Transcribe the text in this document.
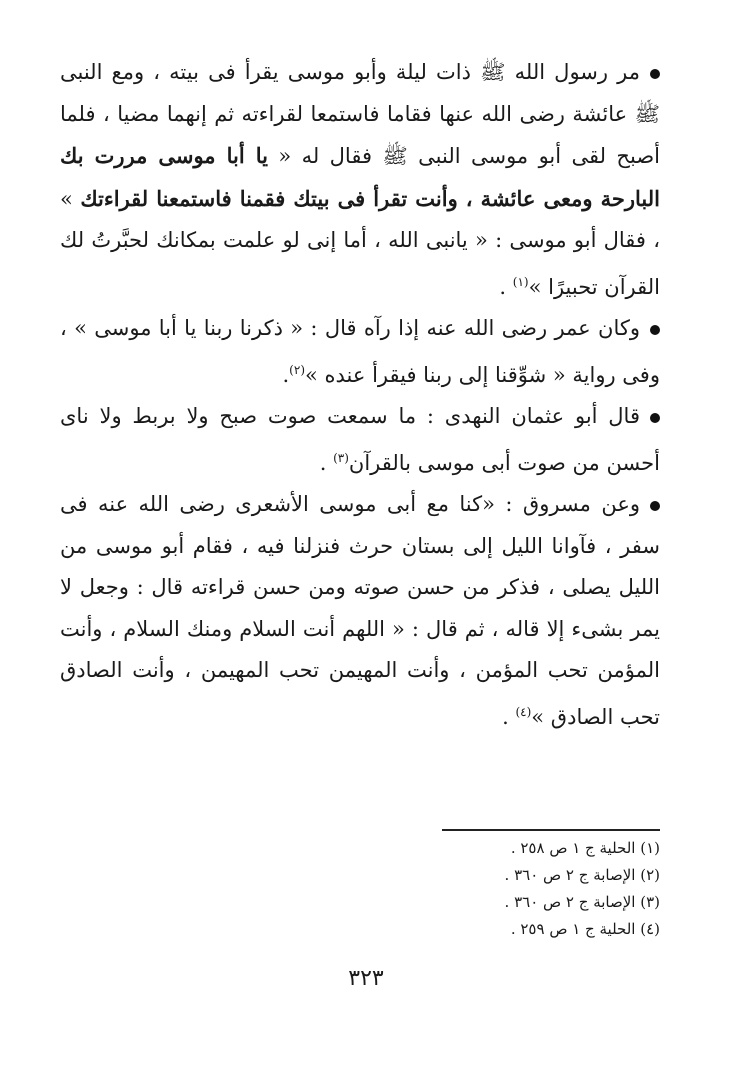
مر رسول الله ﷺ ذات ليلة وأبو موسى يقرأ فى بيته ، ومع النبى ﷺ عائشة رضى الله عنها فقاما فاستمعا لقراءته ثم إنهما مضيا ، فلما أصبح لقى أبو موسى النبى ﷺ فقال له « يا أبا موسى مررت بك البارحة ومعى عائشة ، وأنت تقرأ فى بيتك فقمنا فاستمعنا لقراءتك » ، فقال أبو موسى : « يانبى الله ، أما إنى لو علمت بمكانك لحبَّرتُ لك القرآن تحبيرًا »$^{(١)}$ .

وكان عمر رضى الله عنه إذا رآه قال : « ذكرنا ربنا يا أبا موسى » ، وفى رواية « شوِّقنا إلى ربنا فيقرأ عنده »$^{(٢)}$.

قال أبو عثمان النهدى : ما سمعت صوت صبح ولا بربط ولا ناى أحسن من صوت أبى موسى بالقرآن$^{(٣)}$ .

وعن مسروق : «كنا مع أبى موسى الأشعرى رضى الله عنه فى سفر ، فآوانا الليل إلى بستان حرث فنزلنا فيه ، فقام أبو موسى من الليل يصلى ، فذكر من حسن صوته ومن حسن قراءته قال : وجعل لا يمر بشىء إلا قاله ، ثم قال : « اللهم أنت السلام ومنك السلام ، وأنت المؤمن تحب المؤمن ، وأنت المهيمن تحب المهيمن ، وأنت الصادق تحب الصادق »$^{(٤)}$ .

(١) الحلية ج ١ ص ٢٥٨ .

(٢) الإصابة ج ٢ ص ٣٦٠ .

(٣) الإصابة ج ٢ ص ٣٦٠ .

(٤) الحلية ج ١ ص ٢٥٩ .

٣٢٣
